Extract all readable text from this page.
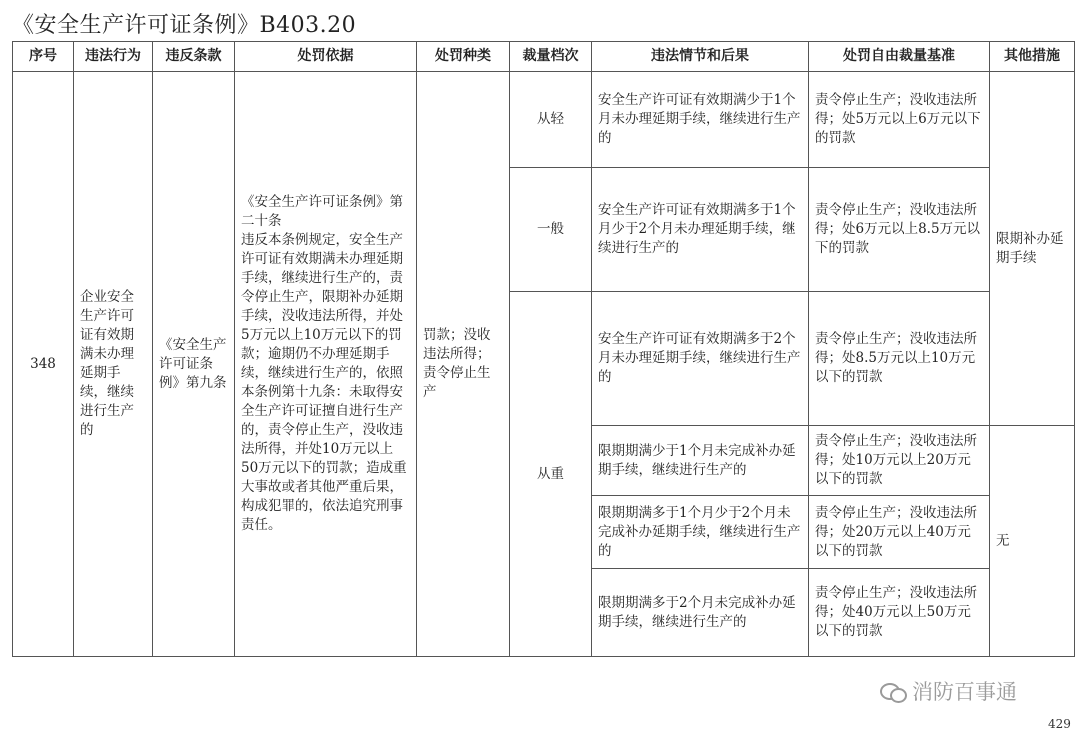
《安全生产许可证条例》B403.20
序号	违法行为	违反条款	处罚依据	处罚种类	裁量档次	违法情节和后果	处罚自由裁量基准	其他措施
348	企业安全生产许可证有效期满未办理延期手续，继续进行生产的	《安全生产许可证条例》第九条	《安全生产许可证条例》第二十条
违反本条例规定，安全生产许可证有效期满未办理延期手续，继续进行生产的，责令停止生产，限期补办延期手续，没收违法所得，并处5万元以上10万元以下的罚款；逾期仍不办理延期手续，继续进行生产的，依照本条例第十九条：未取得安全生产许可证擅自进行生产的，责令停止生产，没收违法所得，并处10万元以上50万元以下的罚款；造成重大事故或者其他严重后果，构成犯罪的，依法追究刑事责任。	罚款；没收违法所得；责令停止生产	从轻	安全生产许可证有效期满少于1个月未办理延期手续，继续进行生产的	责令停止生产；没收违法所得；处5万元以上6万元以下的罚款	限期补办延期手续
					一般	安全生产许可证有效期满多于1个月少于2个月未办理延期手续，继续进行生产的	责令停止生产；没收违法所得；处6万元以上8.5万元以下的罚款	
					从重	安全生产许可证有效期满多于2个月未办理延期手续，继续进行生产的	责令停止生产；没收违法所得；处8.5万元以上10万元以下的罚款	
						限期期满少于1个月未完成补办延期手续，继续进行生产的	责令停止生产；没收违法所得；处10万元以上20万元以下的罚款	无
						限期期满多于1个月少于2个月未完成补办延期手续，继续进行生产的	责令停止生产；没收违法所得；处20万元以上40万元以下的罚款	
						限期期满多于2个月未完成补办延期手续，继续进行生产的	责令停止生产；没收违法所得；处40万元以上50万元以下的罚款	
消防百事通
429
